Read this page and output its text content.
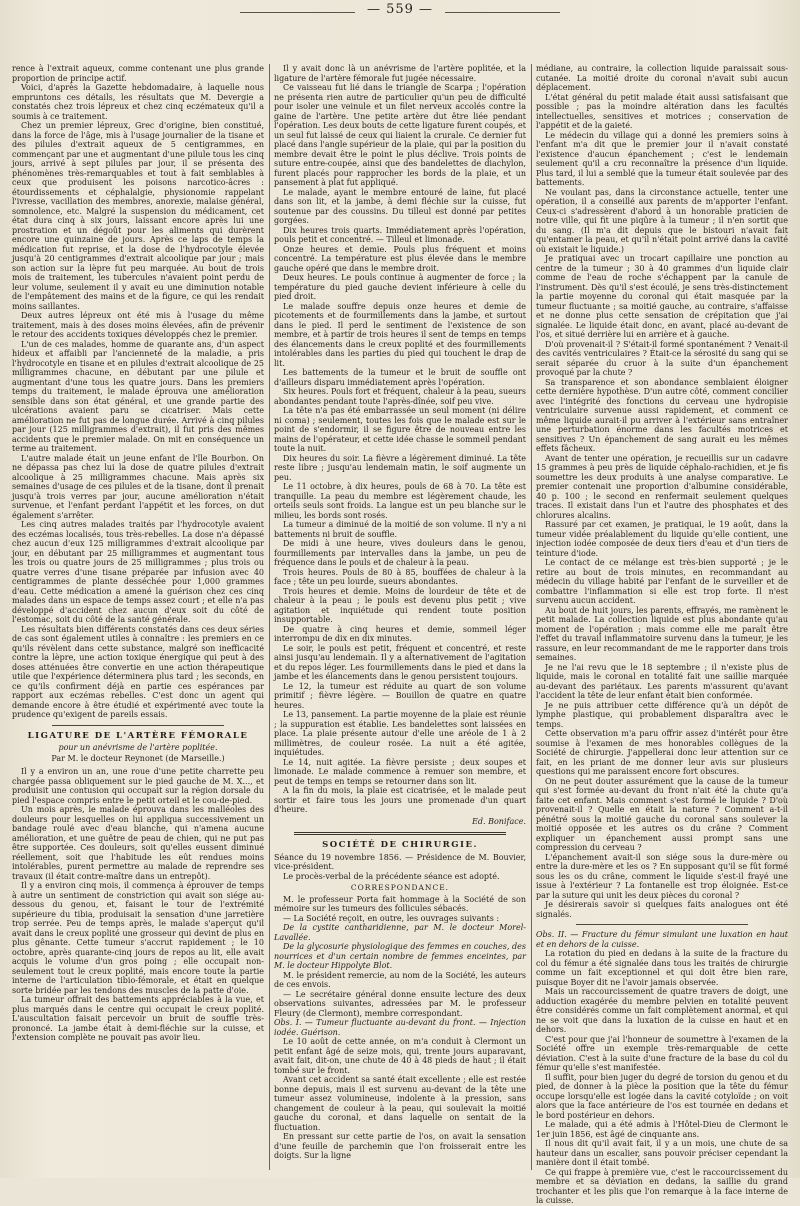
— 559 —

rence à l'extrait aqueux, comme contenant une plus grande proportion de principe actif.

Voici, d'après la Gazette hebdomadaire, à laquelle nous empruntons ces détails, les résultats que M. Devergie a constatés chez trois lépreux et chez cinq eczémateux qu'il a soumis à ce traitement.

Chez un premier lépreux, Grec d'origine, bien constitué, dans la force de l'âge, mis à l'usage journalier de la tisane et des pilules d'extrait aqueux de 5 centigrammes, en commençant par une et augmentant d'une pilule tous les cinq jours, arrivé à sept pilules par jour, il se présenta des phénomènes très-remarquables et tout à fait semblables à ceux que produisent les poisons narcotico-âcres : étourdissements et céphalalgie, physionomie rappelant l'ivresse, vacillation des membres, anorexie, malaise général, somnolence, etc. Malgré la suspension du médicament, cet état dura cinq à six jours, laissant encore après lui une prostration et un dégoût pour les aliments qui durèrent encore une quinzaine de jours. Après ce laps de temps la médication fut reprise, et la dose de l'hydrocotyle élevée jusqu'à 20 centigrammes d'extrait alcoolique par jour ; mais son action sur la lèpre fut peu marquée. Au bout de trois mois de traitement, les tubercules n'avaient point perdu de leur volume, seulement il y avait eu une diminution notable de l'empâtement des mains et de la figure, ce qui les rendait moins saillantes.

Deux autres lépreux ont été mis à l'usage du même traitement, mais à des doses moins élevées, afin de prévenir le retour des accidents toxiques développés chez le premier.

L'un de ces malades, homme de quarante ans, d'un aspect hideux et affaibli par l'ancienneté de la maladie, a pris l'hydrocotyle en tisane et en pilules d'extrait alcoolique de 25 milligrammes chacune, en débutant par une pilule et augmentant d'une tous les quatre jours. Dans les premiers temps du traitement, le malade éprouva une amélioration sensible dans son état général, et une grande partie des ulcérations avaient paru se cicatriser. Mais cette amélioration ne fut pas de longue durée. Arrivé à cinq pilules par jour (125 milligrammes d'extrait), il fut pris des mêmes accidents que le premier malade. On mit en conséquence un terme au traitement.

L'autre malade était un jeune enfant de l'île Bourbon. On ne dépassa pas chez lui la dose de quatre pilules d'extrait alcoolique à 25 milligrammes chacune. Mais après six semaines d'usage de ces pilules et de la tisane, dont il prenait jusqu'à trois verres par jour, aucune amélioration n'était survenue, et l'enfant perdant l'appétit et les forces, on dut également s'arrêter.

Les cinq autres malades traités par l'hydrocotyle avaient des eczémas localisés, tous très-rebelles. La dose n'a dépassé chez aucun d'eux 125 milligrammes d'extrait alcoolique par jour, en débutant par 25 milligrammes et augmentant tous les trois ou quatre jours de 25 milligrammes ; plus trois ou quatre verres d'une tisane préparée par infusion avec 40 centigrammes de plante desséchée pour 1,000 grammes d'eau. Cette médication a amené la guérison chez ces cinq malades dans un espace de temps assez court ; et elle n'a pas développé d'accident chez aucun d'eux soit du côté de l'estomac, soit du côté de la santé générale.

Les résultats bien différents constatés dans ces deux séries de cas sont également utiles à connaître : les premiers en ce qu'ils révèlent dans cette substance, malgré son inefficacité contre la lèpre, une action toxique énergique qui peut à des doses atténuées être convertie en une action thérapeutique utile que l'expérience déterminera plus tard ; les seconds, en ce qu'ils confirment déjà en partie ces espérances par rapport aux eczémas rebelles. C'est donc un agent qui demande encore à être étudié et expérimenté avec toute la prudence qu'exigent de pareils essais.

LIGATURE DE L'ARTÈRE FÉMORALE
pour un anévrisme de l'artère poplitée.
Par M. le docteur Reynonet (de Marseille.)

Il y a environ un an, une roue d'une petite charrette peu chargée passa obliquement sur le pied gauche de M. X..., et produisit une contusion qui occupait sur la région dorsale du pied l'espace compris entre le petit orteil et le cou-de-pied.

Un mois après, le malade éprouva dans les malléoles des douleurs pour lesquelles on lui appliqua successivement un bandage roulé avec d'eau blanche, qui n'amena aucune amélioration, et une guêtre de peau de chien, qui ne put pas être supportée. Ces douleurs, soit qu'elles eussent diminué réellement, soit que l'habitude les eût rendues moins intolérables, purent permettre au malade de reprendre ses travaux (il était contre-maître dans un entrepôt).

Il y a environ cinq mois, il commença à éprouver de temps à autre un sentiment de constriction qui avait son siége au-dessous du genou, et, faisant le tour de l'extrémité supérieure du tibia, produisait la sensation d'une jarretière trop serrée. Peu de temps après, le malade s'aperçut qu'il avait dans le creux poplité une grosseur qui devint de plus en plus gênante. Cette tumeur s'accrut rapidement ; le 10 octobre, après quarante-cinq jours de repos au lit, elle avait acquis le volume d'un gros poing ; elle occupait non-seulement tout le creux poplité, mais encore toute la partie interne de l'articulation tibio-fémorale, et était en quelque sorte bridée par les tendons des muscles de la patte d'oie.

La tumeur offrait des battements appréciables à la vue, et plus marqués dans le centre qui occupait le creux poplité. L'auscultation faisait percevoir un bruit de souffle très-prononcé. La jambe était à demi-fléchie sur la cuisse, et l'extension complète ne pouvait pas avoir lieu.

Il y avait donc là un anévrisme de l'artère poplitée, et la ligature de l'artère fémorale fut jugée nécessaire.

Ce vaisseau fut lié dans le triangle de Scarpa ; l'opération ne présenta rien autre de particulier qu'un peu de difficulté pour isoler une veinule et un filet nerveux accolés contre la gaine de l'artère. Une petite artère dut être liée pendant l'opération. Les deux bouts de cette ligature furent coupés, et un seul fut laissé de ceux qui liaient la crurale. Ce dernier fut placé dans l'angle supérieur de la plaie, qui par la position du membre devait être le point le plus déclive. Trois points de suture entre-coupée, ainsi que des bandelettes de diachylon, furent placés pour rapprocher les bords de la plaie, et un pansement à plat fut appliqué.

Le malade, ayant le membre entouré de laine, fut placé dans son lit, et la jambe, à demi fléchie sur la cuisse, fut soutenue par des coussins. Du tilleul est donné par petites gorgées.

Dix heures trois quarts. Immédiatement après l'opération, pouls petit et concentré. — Tilleul et limonade.

Onze heures et demie. Pouls plus fréquent et moins concentré. La température est plus élevée dans le membre gauche opéré que dans le membre droit.

Deux heures. Le pouls continue à augmenter de force ; la température du pied gauche devient inférieure à celle du pied droit.

Le malade souffre depuis onze heures et demie de picotements et de fourmillements dans la jambe, et surtout dans le pied. Il perd le sentiment de l'existence de son membre, et à partir de trois heures il sent de temps en temps des élancements dans le creux poplité et des fourmillements intolérables dans les parties du pied qui touchent le drap de lit.

Les battements de la tumeur et le bruit de souffle ont d'ailleurs disparu immédiatement après l'opération.

Six heures. Pouls fort et fréquent, chaleur à la peau, sueurs abondantes pendant toute l'après-dînée, soif peu vive.

La tête n'a pas été embarrassée un seul moment (ni délire ni coma) ; seulement, toutes les fois que le malade est sur le point de s'endormir, il se figure être de nouveau entre les mains de l'opérateur, et cette idée chasse le sommeil pendant toute la nuit.

Dix heures du soir. La fièvre a légèrement diminué. La tête reste libre ; jusqu'au lendemain matin, le soif augmente un peu.

Le 11 octobre, à dix heures, pouls de 68 à 70. La tête est tranquille. La peau du membre est légèrement chaude, les orteils seuls sont froids. La langue est un peu blanche sur le milieu, les bords sont rosés.

La tumeur a diminué de la moitié de son volume. Il n'y a ni battements ni bruit de souffle.

De midi à une heure, vives douleurs dans le genou, fourmillements par intervalles dans la jambe, un peu de fréquence dans le pouls et de chaleur à la peau.

Trois heures. Pouls de 80 à 85, bouffées de chaleur à la face ; tête un peu lourde, sueurs abondantes.

Trois heures et demie. Moins de lourdeur de tête et de chaleur à la peau ; le pouls est devenu plus petit ; vive agitation et inquiétude qui rendent toute position insupportable.

De quatre à cinq heures et demie, sommeil léger interrompu de dix en dix minutes.

Le soir, le pouls est petit, fréquent et concentré, et reste ainsi jusqu'au lendemain. Il y a alternativement de l'agitation et du repos léger. Les fourmillements dans le pied et dans la jambe et les élancements dans le genou persistent toujours.

Le 12, la tumeur est réduite au quart de son volume primitif ; fièvre légère. — Bouillon de quatre en quatre heures.

Le 13, pansement. La partie moyenne de la plaie est réunie ; la suppuration est établie. Les bandelettes sont laissées en place. La plaie présente autour d'elle une aréole de 1 à 2 millimètres, de couleur rosée. La nuit a été agitée, inquiétudes.

Le 14, nuit agitée. La fièvre persiste ; deux soupes et limonade. Le malade commence à remuer son membre, et peut de temps en temps se retourner dans son lit.

A la fin du mois, la plaie est cicatrisée, et le malade peut sortir et faire tous les jours une promenade d'un quart d'heure.

Ed. Boniface.
SOCIÉTÉ DE CHIRURGIE.

Séance du 19 novembre 1856. — Présidence de M. Bouvier, vice-président.

Le procès-verbal de la précédente séance est adopté.

CORRESPONDANCE.

M. le professeur Porta fait hommage à la Société de son mémoire sur les tumeurs des follicules sébacés.

— La Société reçoit, en outre, les ouvrages suivants :

De la cystite cantharidienne, par M. le docteur Morel-Lavallée.

De la glycosurie physiologique des femmes en couches, des nourrices et d'un certain nombre de femmes enceintes, par M. le docteur Hippolyte Blot.

M. le président remercie, au nom de la Société, les auteurs de ces envois.

— Le secrétaire général donne ensuite lecture des deux observations suivantes, adressées par M. le professeur Fleury (de Clermont), membre correspondant.

Obs. I. — Tumeur fluctuante au-devant du front. — Injection iodée. Guérison.

Le 10 août de cette année, on m'a conduit à Clermont un petit enfant âgé de seize mois, qui, trente jours auparavant, avait fait, dit-on, une chute de 40 à 48 pieds de haut ; il était tombé sur le front.

Avant cet accident sa santé était excellente ; elle est restée bonne depuis, mais il est survenu au-devant de la tête une tumeur assez volumineuse, indolente à la pression, sans changement de couleur à la peau, qui soulevait la moitié gauche du coronal, et dans laquelle on sentait de la fluctuation.

En pressant sur cette partie de l'os, on avait la sensation d'une feuille de parchemin que l'on froisserait entre les doigts. Sur la ligne

médiane, au contraire, la collection liquide paraissait sous-cutanée. La moitié droite du coronal n'avait subi aucun déplacement.

L'état général du petit malade était aussi satisfaisant que possible ; pas la moindre altération dans les facultés intellectuelles, sensitives et motrices ; conservation de l'appétit et de la gaieté.

Le médecin du village qui a donné les premiers soins à l'enfant m'a dit que le premier jour il n'avait constaté l'existence d'aucun épanchement ; c'est le lendemain seulement qu'il a cru reconnaître la présence d'un liquide. Plus tard, il lui a semblé que la tumeur était soulevée par des battements.

Ne voulant pas, dans la circonstance actuelle, tenter une opération, il a conseillé aux parents de m'apporter l'enfant. Ceux-ci s'adressèrent d'abord à un honorable praticien de notre ville, qui fit une piqûre à la tumeur ; il n'en sortit que du sang. (Il m'a dit depuis que le bistouri n'avait fait qu'entamer la peau, et qu'il n'était point arrivé dans la cavité où existait le liquide.)

Je pratiquai avec un trocart capillaire une ponction au centre de la tumeur ; 30 à 40 grammes d'un liquide clair comme de l'eau de roche s'échappent par la canule de l'instrument. Dès qu'il s'est écoulé, je sens très-distinctement la partie moyenne du coronal qui était masquée par la tumeur fluctuante ; sa moitié gauche, au contraire, s'affaisse et ne donne plus cette sensation de crépitation que j'ai signalée. Le liquide était donc, en avant, placé au-devant de l'os, et situé derrière lui en arrière et à gauche.

D'où provenait-il ? S'était-il formé spontanément ? Venait-il des cavités ventriculaires ? Était-ce la sérosité du sang qui se serait séparée du cruor à la suite d'un épanchement provoqué par la chute ?

Sa transparence et son abondance semblaient éloigner cette dernière hypothèse. D'un autre côté, comment concilier avec l'intégrité des fonctions du cerveau une hydropisie ventriculaire survenue aussi rapidement, et comment ce même liquide aurait-il pu arriver à l'extérieur sans entraîner une perturbation énorme dans les facultés motrices et sensitives ? Un épanchement de sang aurait eu les mêmes effets fâcheux.

Avant de tenter une opération, je recueillis sur un cadavre 15 grammes à peu près de liquide céphalo-rachidien, et je fis soumettre les deux produits à une analyse comparative. Le premier contenait une proportion d'albumine considérable, 40 p. 100 ; le second en renfermait seulement quelques traces. Il existait dans l'un et l'autre des phosphates et des chlorures alcalins.

Rassuré par cet examen, je pratiquai, le 19 août, dans la tumeur vidée préalablement du liquide qu'elle contient, une injection iodée composée de deux tiers d'eau et d'un tiers de teinture d'iode.

Le contact de ce mélange est très-bien supporté ; je le retire au bout de trois minutes, en recommandant au médecin du village habité par l'enfant de le surveiller et de combattre l'inflammation si elle est trop forte. Il n'est survenu aucun accident.

Au bout de huit jours, les parents, effrayés, me ramènent le petit malade. La collection liquide est plus abondante qu'au moment de l'opération ; mais comme elle me paraît être l'effet du travail inflammatoire survenu dans la tumeur, je les rassure, en leur recommandant de me le rapporter dans trois semaines.

Je ne l'ai revu que le 18 septembre ; il n'existe plus de liquide, mais le coronal en totalité fait une saillie marquée au-devant des pariétaux. Les parents m'assurent qu'avant l'accident la tête de leur enfant était bien conformée.

Je ne puis attribuer cette différence qu'à un dépôt de lymphe plastique, qui probablement disparaîtra avec le temps.

Cette observation m'a paru offrir assez d'intérêt pour être soumise à l'examen de mes honorables collègues de la Société de chirurgie. J'appellerai donc leur attention sur ce fait, en les priant de me donner leur avis sur plusieurs questions qui me paraissent encore fort obscures.

On ne peut douter assurément que la cause de la tumeur qui s'est formée au-devant du front n'ait été la chute qu'a faite cet enfant. Mais comment s'est formé le liquide ? D'où provenait-il ? Quelle en était la nature ? Comment a-t-il pénétré sous la moitié gauche du coronal sans soulever la moitié opposée et les autres os du crâne ? Comment expliquer un épanchement aussi prompt sans une compression du cerveau ?

L'épanchement avait-il son siége sous la dure-mère ou entre la dure-mère et les os ? En supposant qu'il se fût formé sous les os du crâne, comment le liquide s'est-il frayé une issue à l'extérieur ? La fontanelle est trop éloignée. Est-ce par la suture qui unit les deux pièces du coronal ?

Je désirerais savoir si quelques faits analogues ont été signalés.

Obs. II. — Fracture du fémur simulant une luxation en haut et en dehors de la cuisse.

La rotation du pied en dedans à la suite de la fracture du col du fémur a été signalée dans tous les traités de chirurgie comme un fait exceptionnel et qui doit être bien rare, puisque Boyer dit ne l'avoir jamais observée.

Mais un raccourcissement de quatre travers de doigt, une adduction exagérée du membre pelvien en totalité peuvent être considérés comme un fait complètement anormal, et qui ne se voit que dans la luxation de la cuisse en haut et en dehors.

C'est pour que j'ai l'honneur de soumettre à l'examen de la Société offre un exemple très-remarquable de cette déviation. C'est à la suite d'une fracture de la base du col du fémur qu'elle s'est manifestée.

Il suffit, pour bien juger du degré de torsion du genou et du pied, de donner à la pièce la position que la tête du fémur occupe lorsqu'elle est logée dans la cavité cotyloïde ; on voit alors que la face antérieure de l'os est tournée en dedans et le bord postérieur en dehors.

Le malade, qui a été admis à l'Hôtel-Dieu de Clermont le 1er juin 1856, est âgé de cinquante ans.

Il nous dit qu'il avait fait, il y a un mois, une chute de sa hauteur dans un escalier, sans pouvoir préciser cependant la manière dont il était tombé.

Ce qui frappe à première vue, c'est le raccourcissement du membre et sa déviation en dedans, la saillie du grand trochanter et les plis que l'on remarque à la face interne de la cuisse.
